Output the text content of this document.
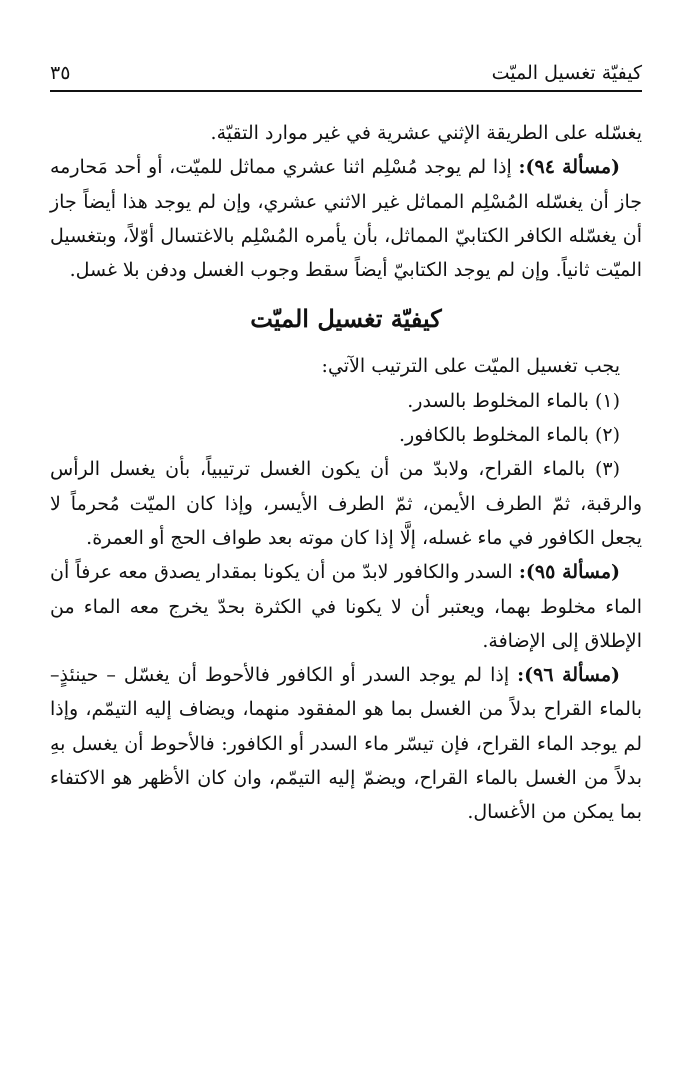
كيفيّة تغسيل الميّت
٣٥

يغسّله على الطريقة الإثني عشرية في غير موارد التقيّة.

(مسألة ٩٤): إذا لم يوجد مُسْلِم اثنا عشري مماثل للميّت، أو أحد مَحارمه جاز أن يغسّله المُسْلِم المماثل غير الاثني عشري، وإن لم يوجد هذا أيضاً جاز أن يغسّله الكافر الكتابيّ المماثل، بأن يأمره المُسْلِم بالاغتسال أوّلاً، وبتغسيل الميّت ثانياً. وإن لم يوجد الكتابيّ أيضاً سقط وجوب الغسل ودفن بلا غسل.

كيفيّة تغسيل الميّت

يجب تغسيل الميّت على الترتيب الآتي:

(١) بالماء المخلوط بالسدر.

(٢) بالماء المخلوط بالكافور.

(٣) بالماء القراح، ولابدّ من أن يكون الغسل ترتيبياً، بأن يغسل الرأس والرقبة، ثمّ الطرف الأيمن، ثمّ الطرف الأيسر، وإذا كان الميّت مُحرماً لا يجعل الكافور في ماء غسله، إلَّا إذا كان موته بعد طواف الحج أو العمرة.

(مسألة ٩٥): السدر والكافور لابدّ من أن يكونا بمقدار يصدق معه عرفاً أن الماء مخلوط بهما، ويعتبر أن لا يكونا في الكثرة بحدّ يخرج معه الماء من الإطلاق إلى الإضافة.

(مسألة ٩٦): إذا لم يوجد السدر أو الكافور فالأحوط أن يغسّل – حينئذٍ– بالماء القراح بدلاً من الغسل بما هو المفقود منهما، ويضاف إليه التيمّم، وإذا لم يوجد الماء القراح، فإن تيسّر ماء السدر أو الكافور: فالأحوط أن يغسل بهِ بدلاً من الغسل بالماء القراح، ويضمّ إليه التيمّم، وان كان الأظهر هو الاكتفاء بما يمكن من الأغسال.
